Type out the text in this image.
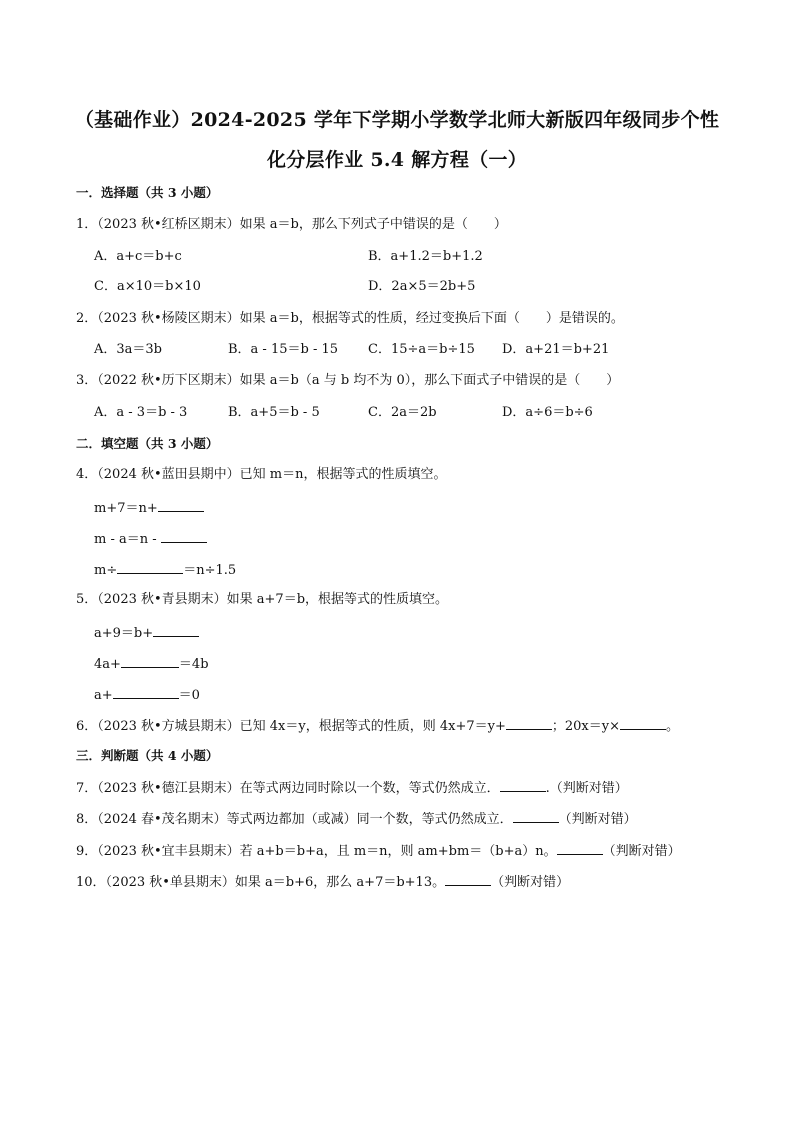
（基础作业）2024-2025 学年下学期小学数学北师大新版四年级同步个性
化分层作业 5.4 解方程（一）
一．选择题（共 3 小题）
1．（2023 秋•红桥区期末）如果 a＝b，那么下列式子中错误的是（　　）
A．a+c＝b+c	B．a+1.2＝b+1.2
C．a×10＝b×10	D．2a×5＝2b+5
2．（2023 秋•杨陵区期末）如果 a＝b，根据等式的性质，经过变换后下面（　　）是错误的。
A．3a＝3b	B．a - 15＝b - 15 C．15÷a＝b÷15 D．a+21＝b+21
3．（2022 秋•历下区期末）如果 a＝b（a 与 b 均不为 0），那么下面式子中错误的是（　　）
A．a - 3＝b - 3	B．a+5＝b - 5	C．2a＝2b	D．a÷6＝b÷6
二．填空题（共 3 小题）
4．（2024 秋•蓝田县期中）已知 m＝n，根据等式的性质填空。
m+7＝n+
m - a＝n -
m÷	＝n÷1.5
5．（2023 秋•青县期末）如果 a+7＝b，根据等式的性质填空。
a+9＝b+
4a+	＝4b
a+	＝0
6．（2023 秋•方城县期末）已知 4x＝y，根据等式的性质，则 4x+7＝y+	；20x＝y×	。
三．判断题（共 4 小题）
7．（2023 秋•德江县期末）在等式两边同时除以一个数，等式仍然成立．	.（判断对错）
8．（2024 春•茂名期末）等式两边都加（或减）同一个数，等式仍然成立．	（判断对错）
9．（2023 秋•宜丰县期末）若 a+b＝b+a，且 m＝n，则 am+bm＝（b+a）n。	（判断对错）
10．（2023 秋•单县期末）如果 a＝b+6，那么 a+7＝b+13。	（判断对错）
